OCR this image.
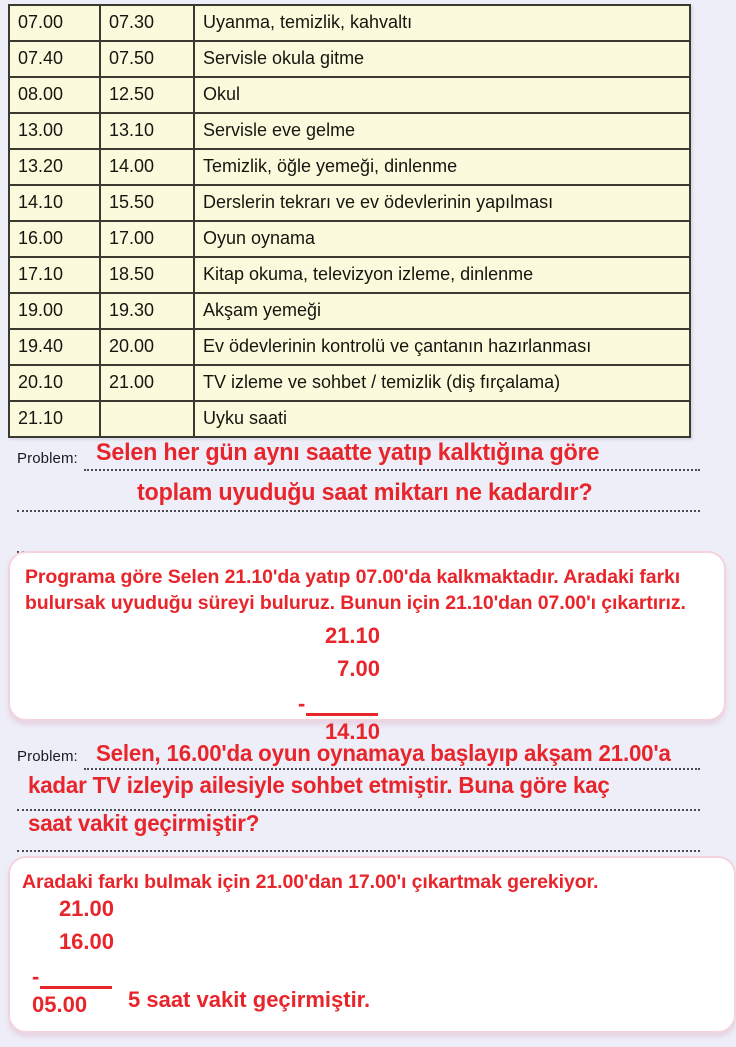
07.00	07.30	Uyanma, temizlik, kahvaltı
07.40	07.50	Servisle okula gitme
08.00	12.50	Okul
13.00	13.10	Servisle eve gelme
13.20	14.00	Temizlik, öğle yemeği, dinlenme
14.10	15.50	Derslerin tekrarı ve ev ödevlerinin yapılması
16.00	17.00	Oyun oynama
17.10	18.50	Kitap okuma, televizyon izleme, dinlenme
19.00	19.30	Akşam yemeği
19.40	20.00	Ev ödevlerinin kontrolü ve çantanın hazırlanması
20.10	21.00	TV izleme ve sohbet / temizlik (diş fırçalama)
21.10		Uyku saati
Problem: Selen her gün aynı saatte yatıp kalktığına göre
toplam uyuduğu saat miktarı ne kadardır?
Programa göre Selen 21.10'da yatıp 07.00'da kalkmaktadır. Aradaki farkı bulursak uyuduğu süreyi buluruz. Bunun için 21.10'dan 07.00'ı çıkartırız.
21.10
7.00
-
14.10
Problem: Selen, 16.00'da oyun oynamaya başlayıp akşam 21.00'a
kadar TV izleyip ailesiyle sohbet etmiştir. Buna göre kaç
saat vakit geçirmiştir?
Aradaki farkı bulmak için 21.00'dan 17.00'ı çıkartmak gerekiyor.
21.00
16.00
-
05.00	5 saat vakit geçirmiştir.
